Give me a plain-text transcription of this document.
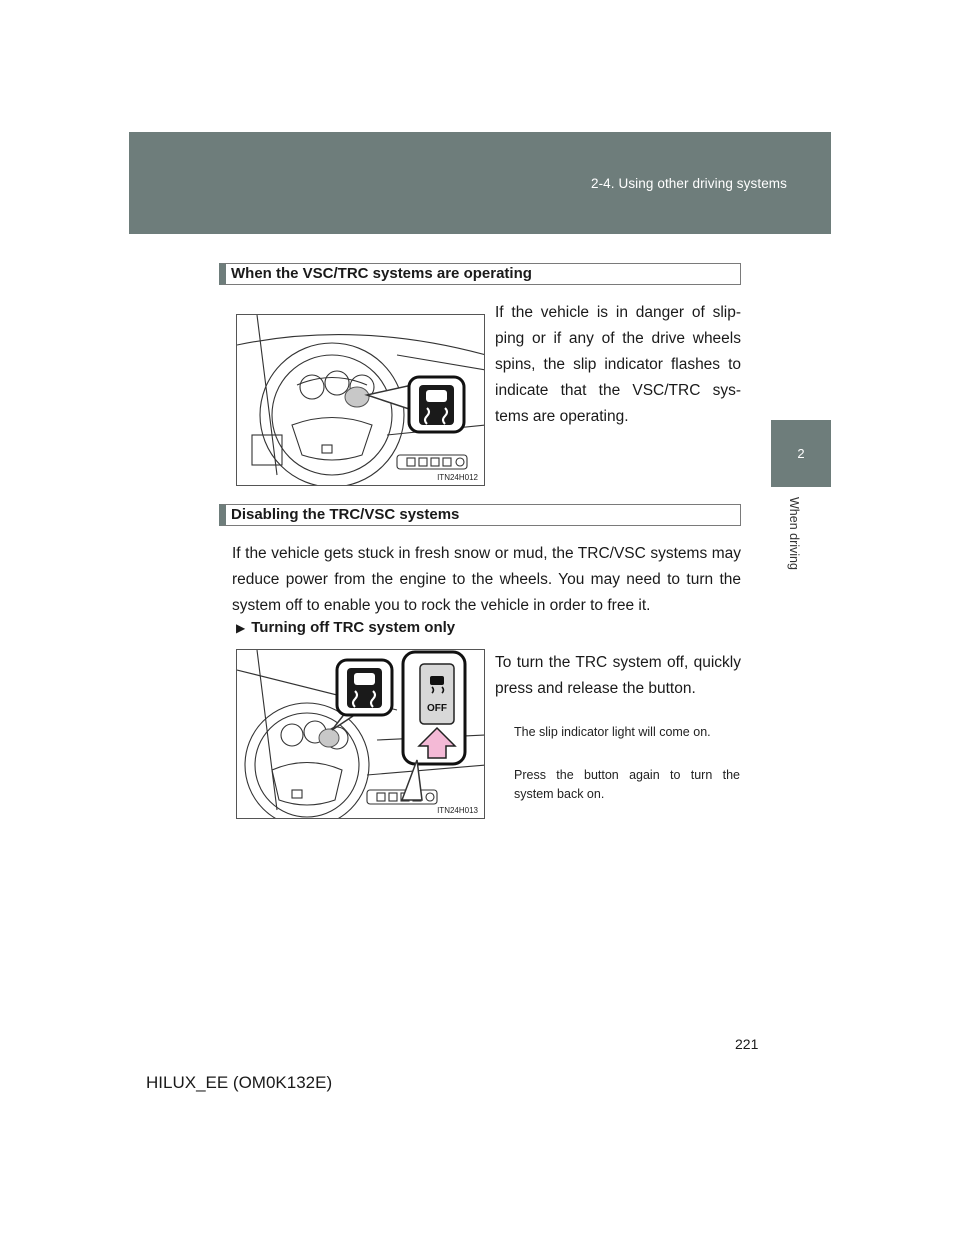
2-4. Using other driving systems
2
When driving
When the VSC/TRC systems are operating
ITN24H012

If the vehicle is in danger of slip-ping or if any of the drive wheels spins, the slip indicator flashes to indicate that the VSC/TRC sys-tems are operating.

Disabling the TRC/VSC systems

If the vehicle gets stuck in fresh snow or mud, the TRC/VSC systems may reduce power from the engine to the wheels. You may need to turn the system off to enable you to rock the vehicle in order to free it.

▶ Turning off TRC system only
OFF
ITN24H013

To turn the TRC system off, quickly press and release the button.

The slip indicator light will come on.

Press the button again to turn the system back on.

221
HILUX_EE (OM0K132E)
